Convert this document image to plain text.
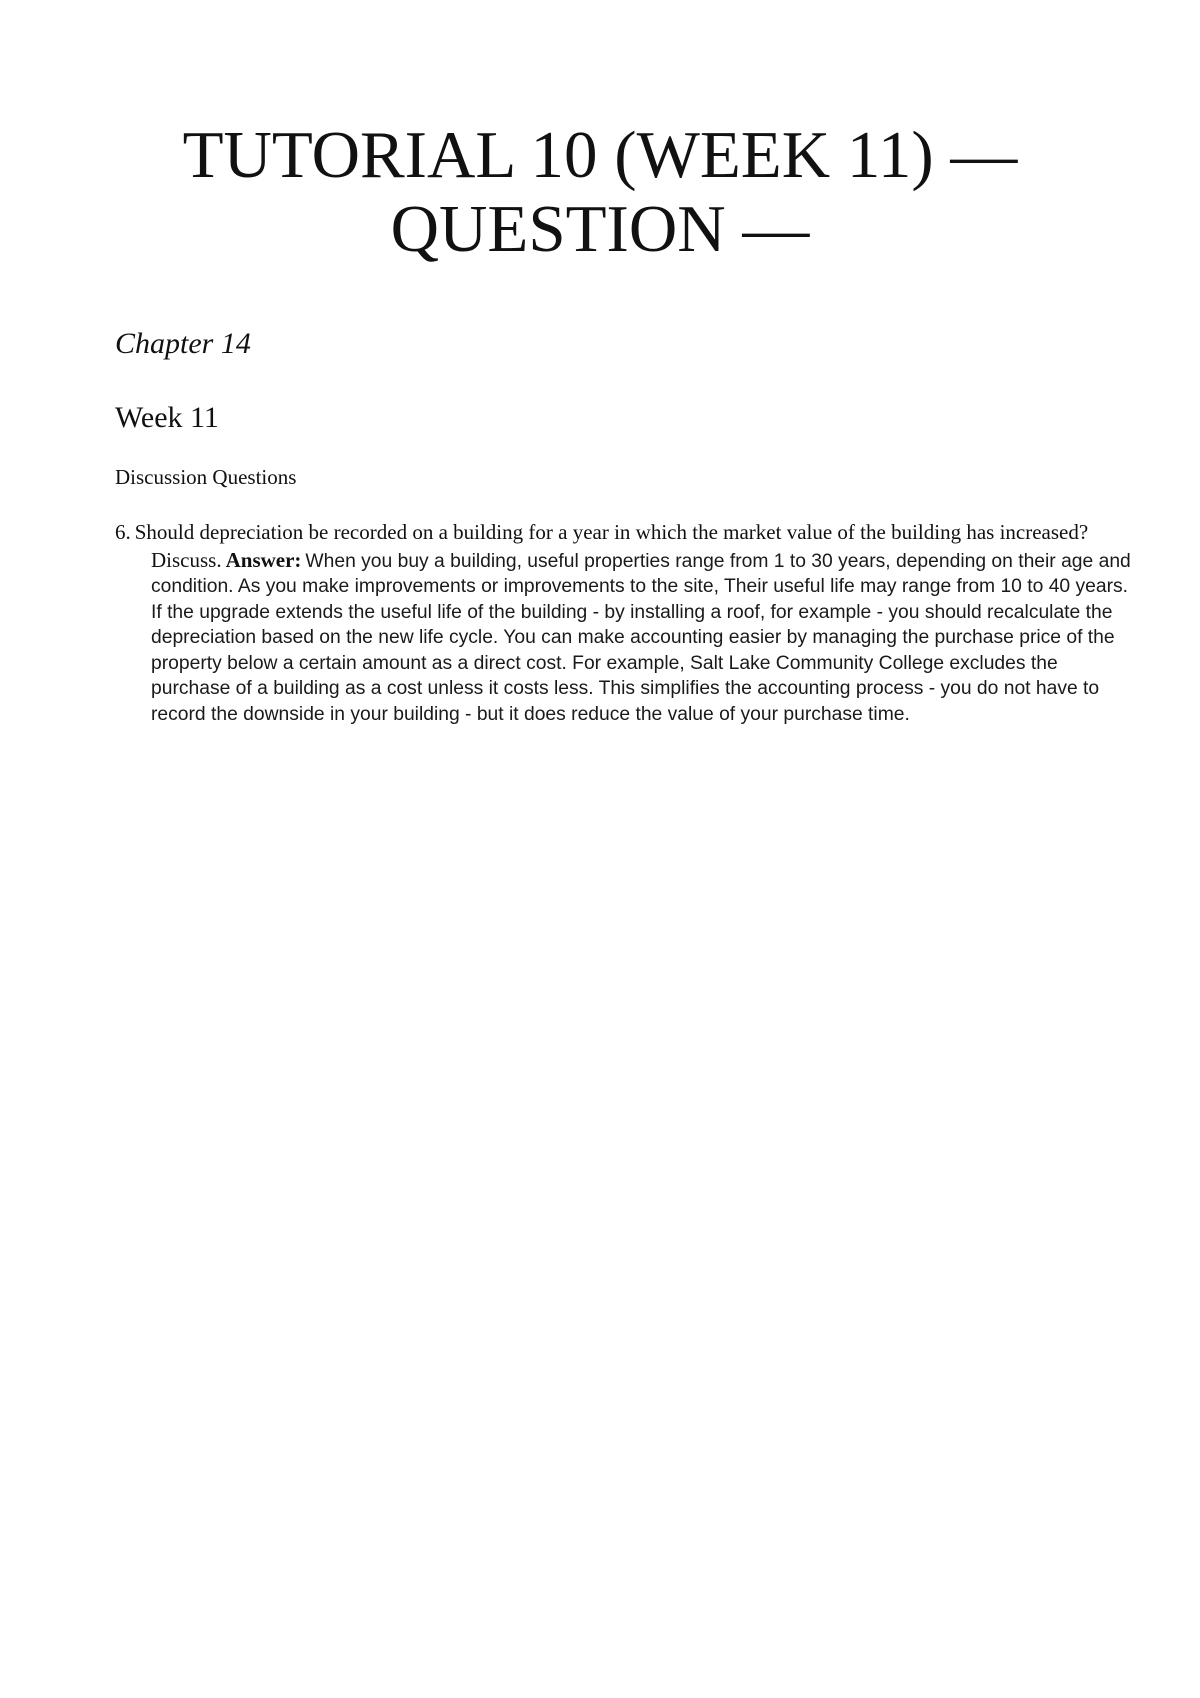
TUTORIAL 10 (WEEK 11) — QUESTION —

Chapter 14

Week 11

Discussion Questions

6. Should depreciation be recorded on a building for a year in which the market value of the building has increased? Discuss. Answer: When you buy a building, useful properties range from 1 to 30 years, depending on their age and condition. As you make improvements or improvements to the site, Their useful life may range from 10 to 40 years. If the upgrade extends the useful life of the building - by installing a roof, for example - you should recalculate the depreciation based on the new life cycle. You can make accounting easier by managing the purchase price of the property below a certain amount as a direct cost. For example, Salt Lake Community College excludes the purchase of a building as a cost unless it costs less. This simplifies the accounting process - you do not have to record the downside in your building - but it does reduce the value of your purchase time.
